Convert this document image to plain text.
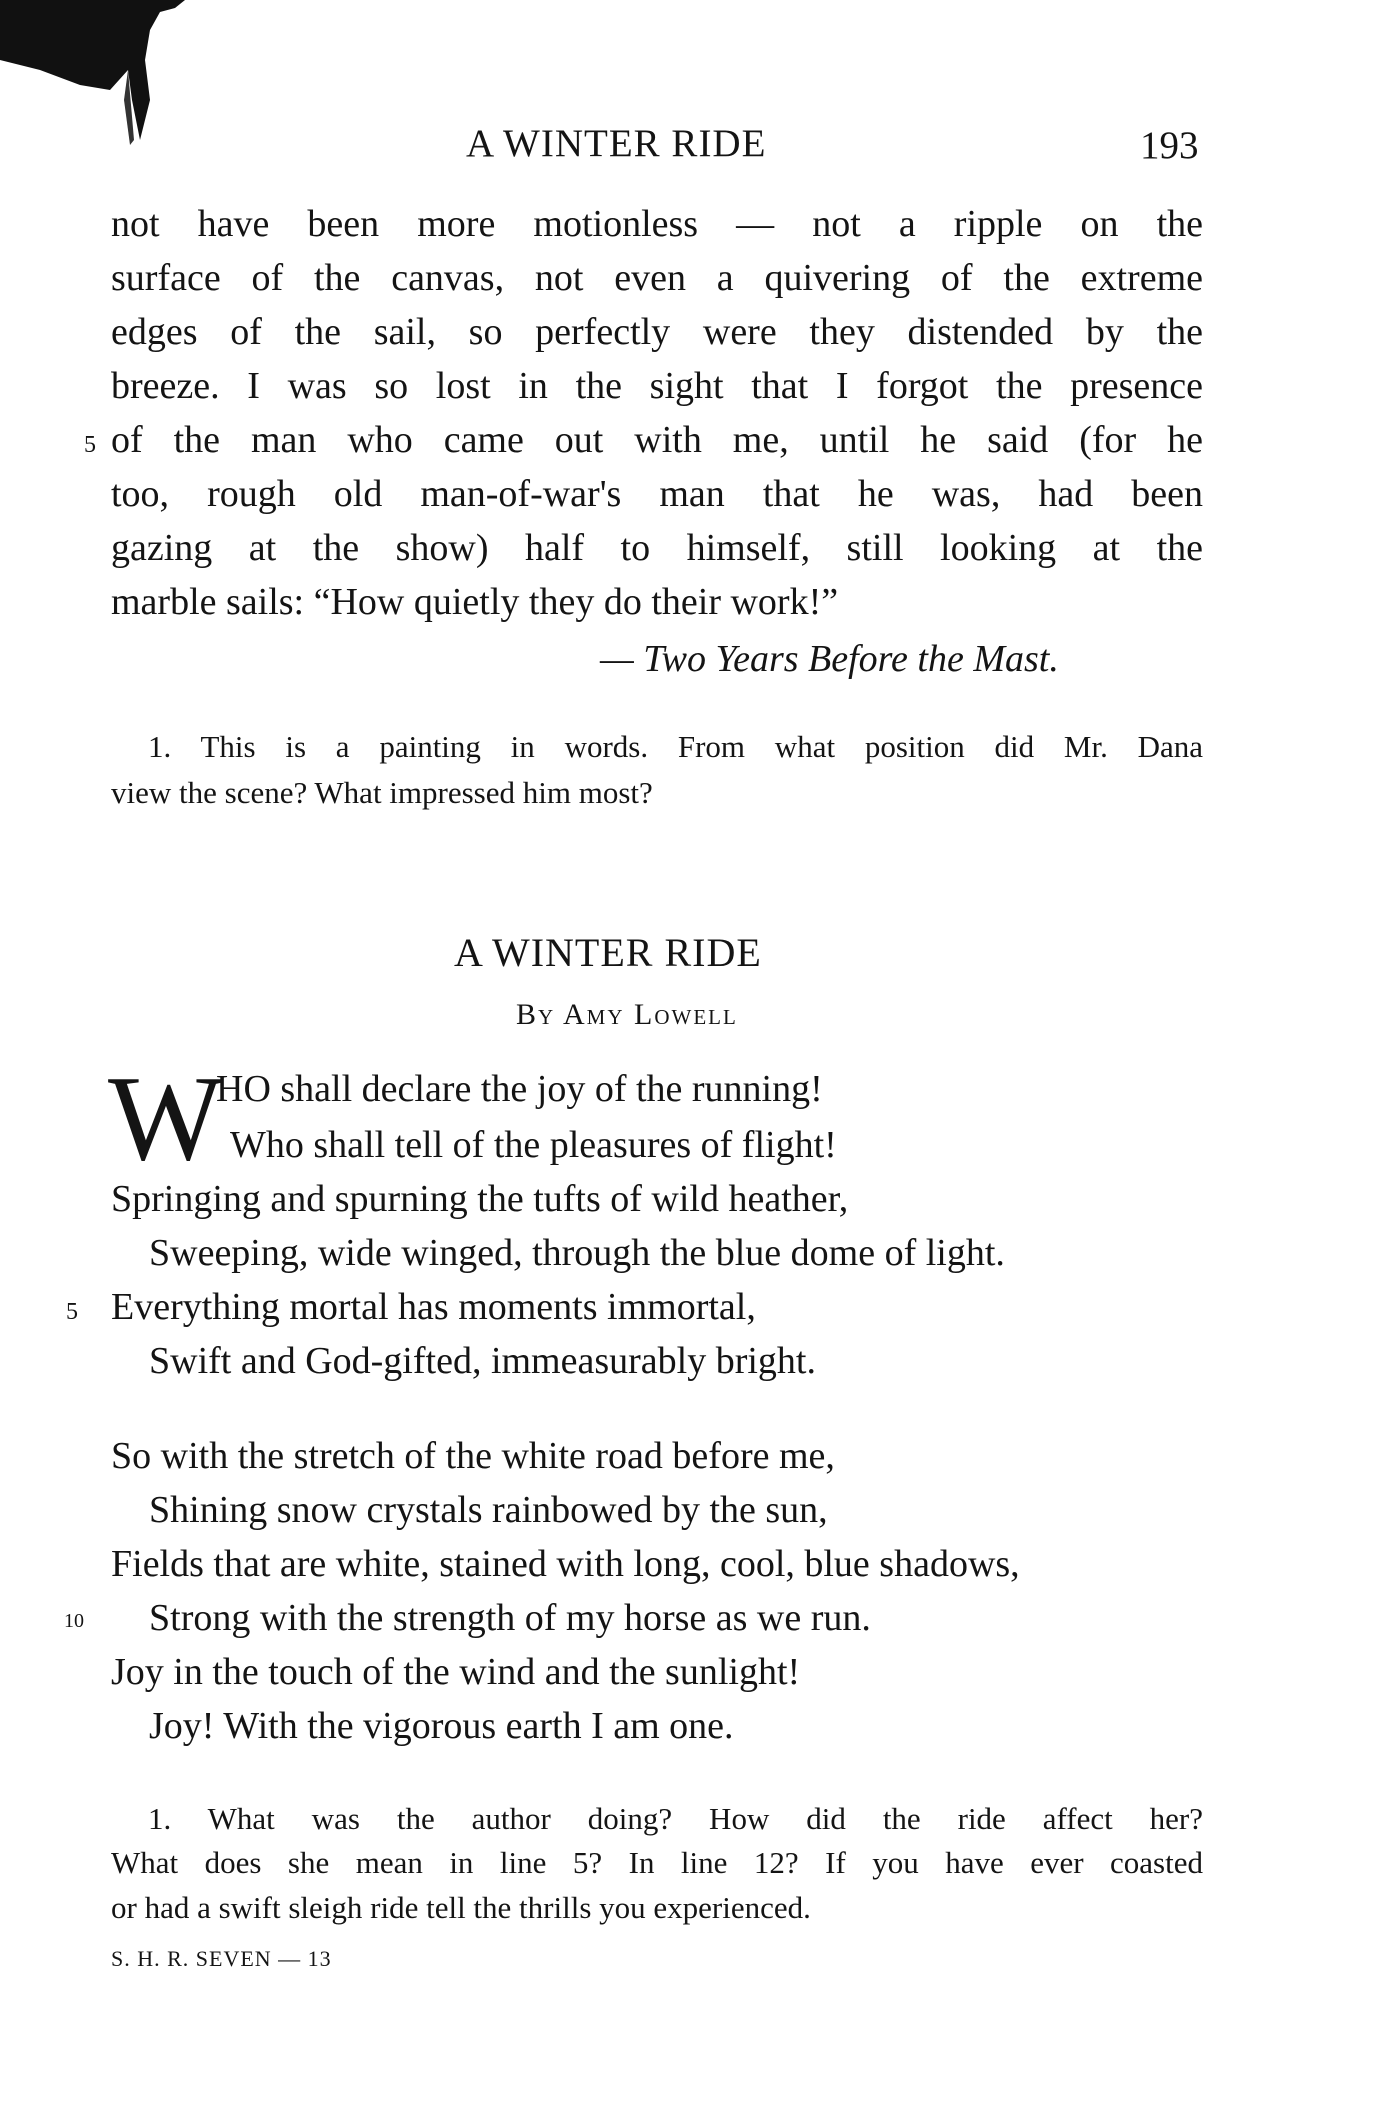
A WINTER RIDE	193
not have been more motionless — not a ripple on the
surface of the canvas, not even a quivering of the extreme
edges of the sail, so perfectly were they distended by the
breeze. I was so lost in the sight that I forgot the presence
5 of the man who came out with me, until he said (for he
too, rough old man-of-war's man that he was, had been
gazing at the show) half to himself, still looking at the
marble sails: “How quietly they do their work!”
— Two Years Before the Mast.
1. This is a painting in words. From what position did Mr. Dana
view the scene? What impressed him most?
A WINTER RIDE
By Amy Lowell
W
HO shall declare the joy of the running!
Who shall tell of the pleasures of flight!
Springing and spurning the tufts of wild heather,
Sweeping, wide winged, through the blue dome of light.
5 Everything mortal has moments immortal,
Swift and God-gifted, immeasurably bright.
So with the stretch of the white road before me,
Shining snow crystals rainbowed by the sun,
Fields that are white, stained with long, cool, blue shadows,
10 Strong with the strength of my horse as we run.
Joy in the touch of the wind and the sunlight!
Joy! With the vigorous earth I am one.
1. What was the author doing? How did the ride affect her?
What does she mean in line 5? In line 12? If you have ever coasted
or had a swift sleigh ride tell the thrills you experienced.
S. H. R. SEVEN — 13
